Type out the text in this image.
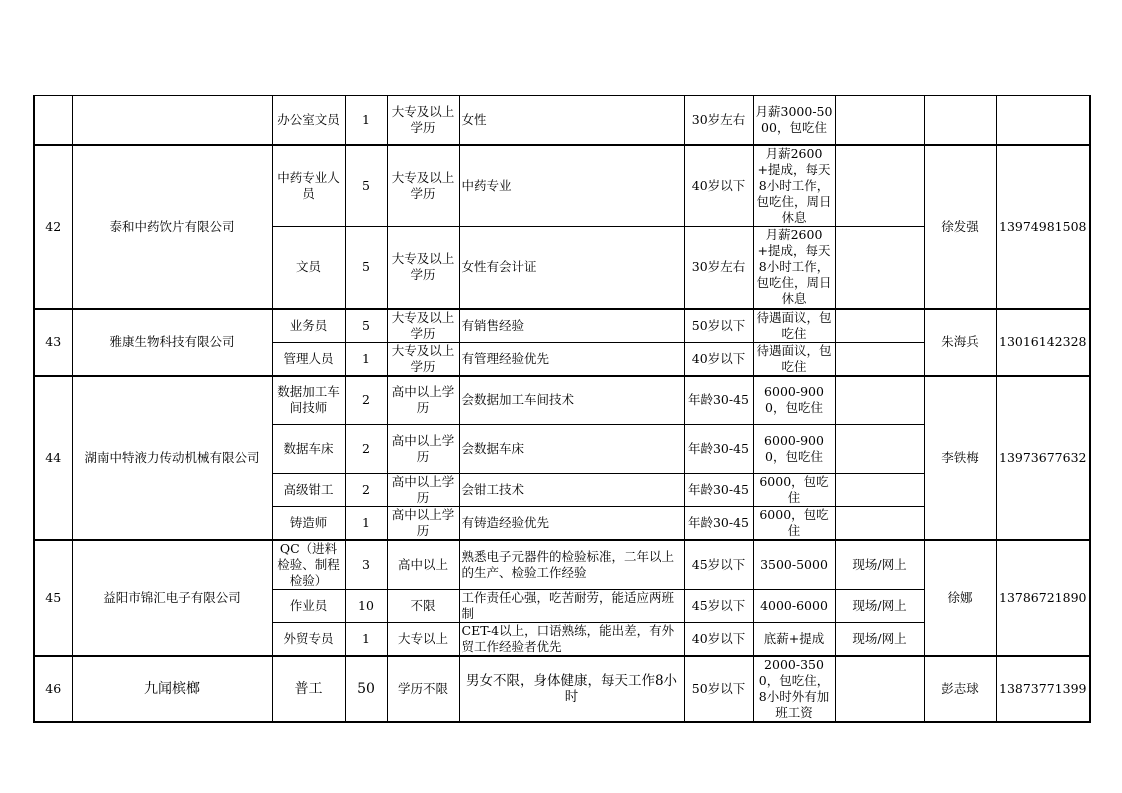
		办公室文员	1	大专及以上学历	女性	30岁左右	月薪3000-5000，包吃住			
42	泰和中药饮片有限公司	中药专业人员	5	大专及以上学历	中药专业	40岁以下	月薪2600+提成，每天8小时工作，包吃住，周日休息		徐发强	13974981508
		文员	5	大专及以上学历	女性有会计证	30岁左右	月薪2600+提成，每天8小时工作，包吃住，周日休息			
43	雅康生物科技有限公司	业务员	5	大专及以上学历	有销售经验	50岁以下	待遇面议，包吃住		朱海兵	13016142328
		管理人员	1	大专及以上学历	有管理经验优先	40岁以下	待遇面议，包吃住			
44	湖南中特液力传动机械有限公司	数据加工车间技师	2	高中以上学历	会数据加工车间技术	年龄30-45	6000-9000，包吃住		李铁梅	13973677632
		数据车床	2	高中以上学历	会数据车床	年龄30-45	6000-9000，包吃住			
		高级钳工	2	高中以上学历	会钳工技术	年龄30-45	6000，包吃住			
		铸造师	1	高中以上学历	有铸造经验优先	年龄30-45	6000，包吃住			
45	益阳市锦汇电子有限公司	QC（进料检验、制程检验）	3	高中以上	熟悉电子元器件的检验标准，二年以上的生产、检验工作经验	45岁以下	3500-5000	现场/网上	徐娜	13786721890
		作业员	10	不限	工作责任心强，吃苦耐劳，能适应两班制	45岁以下	4000-6000	现场/网上		
		外贸专员	1	大专以上	CET-4以上，口语熟练，能出差，有外贸工作经验者优先	40岁以下	底薪+提成	现场/网上		
46	九闻槟榔	普工	50	学历不限	男女不限，身体健康，每天工作8小时	50岁以下	2000-3500，包吃住，8小时外有加班工资		彭志球	13873771399
